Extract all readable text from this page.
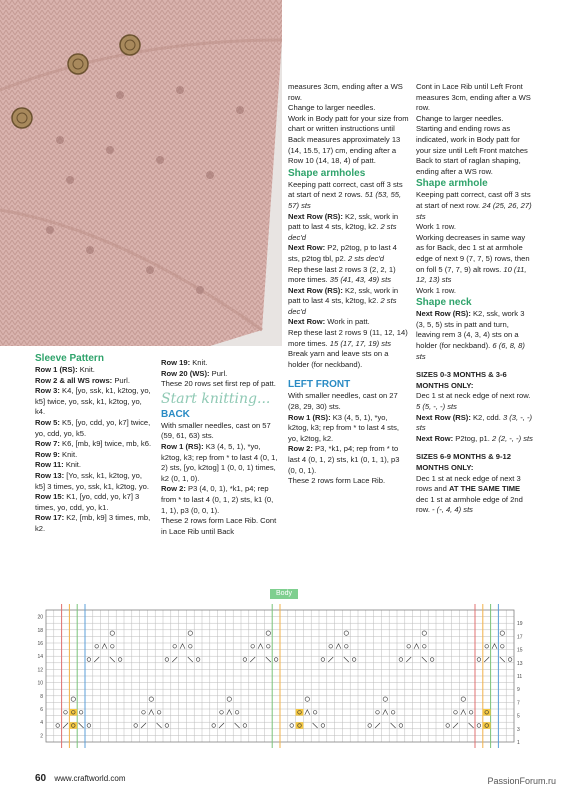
Sleeve Pattern

Row 1 (RS): Knit.

Row 2 & all WS rows: Purl.

Row 3: K4, [yo, ssk, k1, k2tog, yo, k5] twice, yo, ssk, k1, k2tog, yo, k4.

Row 5: K5, [yo, cdd, yo, k7] twice, yo, cdd, yo, k5.

Row 7: K6, [mb, k9] twice, mb, k6.

Row 9: Knit.

Row 11: Knit.

Row 13: [Yo, ssk, k1, k2tog, yo, k5] 3 times, yo, ssk, k1, k2tog, yo.

Row 15: K1, [yo, cdd, yo, k7] 3 times, yo, cdd, yo, k1.

Row 17: K2, [mb, k9] 3 times, mb, k2.

Row 19: Knit.

Row 20 (WS): Purl.

These 20 rows set first rep of patt.

Start knitting...

BACK

With smaller needles, cast on 57 (59, 61, 63) sts.

Row 1 (RS): K3 (4, 5, 1), *yo, k2tog, k3; rep from * to last 4 (0, 1, 2) sts, [yo, k2tog] 1 (0, 0, 1) times, k2 (0, 1, 0).

Row 2: P3 (4, 0, 1), *k1, p4; rep from * to last 4 (0, 1, 2) sts, k1 (0, 1, 1), p3 (0, 0, 1).

These 2 rows form Lace Rib. Cont in Lace Rib until Back

measures 3cm, ending after a WS row.

Change to larger needles.

Work in Body patt for your size from chart or written instructions until Back measures approximately 13 (14, 15.5, 17) cm, ending after a Row 10 (14, 18, 4) of patt.

Shape armholes

Keeping patt correct, cast off 3 sts at start of next 2 rows. 51 (53, 55, 57) sts

Next Row (RS): K2, ssk, work in patt to last 4 sts, k2tog, k2. 2 sts dec'd

Next Row: P2, p2tog, p to last 4 sts, p2tog tbl, p2. 2 sts dec'd

Rep these last 2 rows 3 (2, 2, 1) more times. 35 (41, 43, 49) sts

Next Row (RS): K2, ssk, work in patt to last 4 sts, k2tog, k2. 2 sts dec'd

Next Row: Work in patt.

Rep these last 2 rows 9 (11, 12, 14) more times. 15 (17, 17, 19) sts

Break yarn and leave sts on a holder (for neckband).

LEFT FRONT

With smaller needles, cast on 27 (28, 29, 30) sts.

Row 1 (RS): K3 (4, 5, 1), *yo, k2tog, k3; rep from * to last 4 sts, yo, k2tog, k2.

Row 2: P3, *k1, p4; rep from * to last 4 (0, 1, 2) sts, k1 (0, 1, 1), p3 (0, 0, 1).

These 2 rows form Lace Rib.

Cont in Lace Rib until Left Front measures 3cm, ending after a WS row.

Change to larger needles.

Starting and ending rows as indicated, work in Body patt for your size until Left Front matches Back to start of raglan shaping, ending after a WS row.

Shape armhole

Keeping patt correct, cast off 3 sts at start of next row. 24 (25, 26, 27) sts

Work 1 row.

Working decreases in same way as for Back, dec 1 st at armhole edge of next 9 (7, 7, 5) rows, then on foll 5 (7, 7, 9) alt rows. 10 (11, 12, 13) sts

Work 1 row.

Shape neck

Next Row (RS): K2, ssk, work 3 (3, 5, 5) sts in patt and turn, leaving rem 3 (4, 3, 4) sts on a holder (for neckband). 6 (6, 8, 8) sts

SIZES 0-3 MONTHS & 3-6 MONTHS ONLY:

Dec 1 st at neck edge of next row. 5 (5, -, -) sts

Next Row (RS): K2, cdd. 3 (3, -, -) sts

Next Row: P2tog, p1. 2 (2, -, -) sts

SIZES 6-9 MONTHS & 9-12 MONTHS ONLY:

Dec 1 st at neck edge of next 3 rows and AT THE SAME TIME dec 1 st at armhole edge of 2nd row. - (-, 4, 4) sts

Body
20
18
16
14
12
10
8
6
4
2
19
17
15
13
11
9
7
5
3
1
60 www.craftworld.com	PassionForum.ru
